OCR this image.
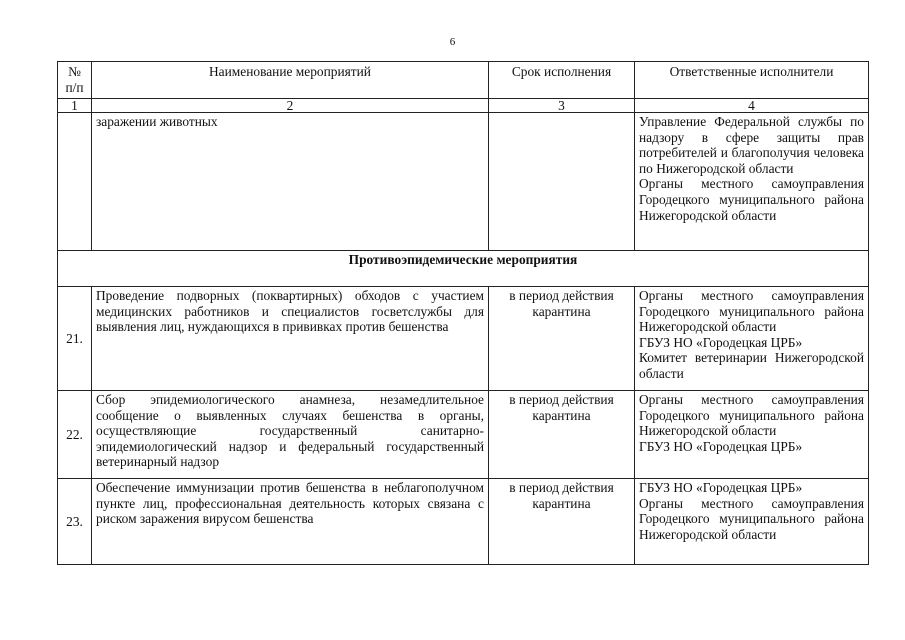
6
№ п/п	Наименование мероприятий	Срок исполнения	Ответственные исполнители
1	2	3	4
	заражении животных		Управление Федеральной службы по надзору в сфере защиты прав потребителей и благополучия человека по Нижегородской области
Органы местного самоуправления Городецкого муниципального района Нижегородской области

Противоэпидемические мероприятия			
21.	Проведение подворных (поквартирных) обходов с участием медицинских работников и специалистов госветслужбы для выявления лиц, нуждающихся в прививках против бешенства	в период действия карантина	Органы местного самоуправления Городецкого муниципального района Нижегородской области
ГБУЗ НО «Городецкая ЦРБ»
Комитет ветеринарии Нижегородской области

22.	Сбор эпидемиологического анамнеза, незамедлительное сообщение о выявленных случаях бешенства в органы, осуществляющие государственный санитарно-эпидемиологический надзор и федеральный государственный ветеринарный надзор	в период действия карантина	Органы местного самоуправления Городецкого муниципального района Нижегородской области
ГБУЗ НО «Городецкая ЦРБ»

23.	Обеспечение иммунизации против бешенства в неблагополучном пункте лиц, профессиональная деятельность которых связана с риском заражения вирусом бешенства	в период действия карантина	ГБУЗ НО «Городецкая ЦРБ»
Органы местного самоуправления Городецкого муниципального района Нижегородской области
